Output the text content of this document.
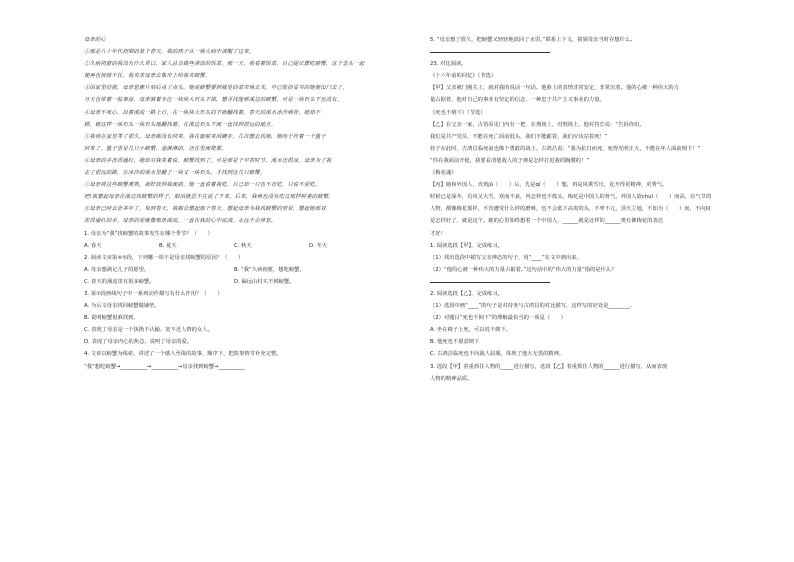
母亲的心
①那是八十年代初期的某个春天，我的孩子从一场大病中清醒了过来。
②久病初愈的我没有什么胃口，家人总会做些清淡的饭菜。那一天，我看着饭菜，自己提议想吃螃蟹，这个念头一起
便再也按捺不住，我央求母亲去集市上给我买螃蟹。
③因家里拮据，母亲思索片刻后点了点头。她说螃蟹要到城里的菜市场去买，早已收拾妥当的她便出门去了。
月天也带着一股寒意，母亲骑着车往一块块大石头下探，想寻找能够溪边的螃蟹，可是一块石头下也没有。
④母亲不死心，沿着溪流一路上行，在一块块大石头的下面翻找着。春天的溪水冰冷刺骨，她却不
顾，就这样一块石头一块石头地翻找着，在溪边石头下面一直找到很远的地方。
⑤我待在家里等了很久，母亲都没有回来。我在窗前来回踱步，几次想去找她，她终于拎着一个篮子
回来了，篮子里是几只小螃蟹，湿淋淋的，还在里面爬着。
⑥母亲的手冻得通红，她却对我笑着说，螃蟹找到了。可是那是个早春时节，溪水还很凉，母亲为了我
走了很远的路，在冰冷的溪水里翻了一块又一块石头，才找到这几只螃蟹。
⑦母亲将这些螃蟹煮熟，剥好放到我面前。她一直看着我吃，自己却一只也不肯吃，只说不爱吃。
吧!我想起母亲在溪边找螃蟹的样子，眼泪就忍不住流了下来。后来，我再也没有吃过那样鲜美的螃蟹。
⑧母亲已经去世多年了，每到春天，我都会想起那个春天，想起母亲为我找螃蟹的情景，想起她那双
冻得通红的手。母亲的爱就像那条溪流，一直在我的心中流淌，永远不会停息。
1. 母亲为“我”找螃蟹的故事发生在哪个季节？（　　）
A. 春天	B. 夏天	C. 秋天	D. 冬天
2. 阅读文章第④⑤段，下列哪一项不是母亲找螃蟹的原因？（　　）
A. 母亲想满足儿子的愿望。	B. “我”久病初愈，想吃螃蟹。
C. 春天的溪流里有很多螃蟹。	D. 偏远山村买不到螃蟹。
3. 第⑦段画线句子中一系列动作描写有什么作用？（　　）
A. 为后文母亲找回螃蟹做铺垫。
B. 说明螃蟹很难找到。
C. 表现了母亲是一个执拗不认输、宽不近人情的女人。
D. 表现了母亲内心的焦急，说明了母亲的爱。
4. 文章以螃蟹为线索，讲述了一个感人至深的故事，顺序下，把故事情节补充完整。
“我”想吃螃蟹→__________→__________→母亲找到螃蟹→__________
5. “母亲想了很久，把螃蟹又轻轻地放回了水里。”联系上下文，猜猜母亲当时在想什么。
23. 对比阅读。
《十六年前的回忆》（节选）
【甲】父亲被门刚关上，就对我的说话一句话。他脸上的表情非常安定，非常沉着。他的心被一种伟大的力
量占据着，他对自己的事业有坚定的信念，一种忠于共产主义事业的力量。
《死也不倒下》（节选）
【乙】在父亲一家，古语看见门内有一把，在刑场上，对刑场上，他对持长说：“告诉你们，
我们是共产党员，不能在死亡面前低头，我们不能跪着，我们应该站着死！”
持子在此时，吉鸿昌临死前也像个勇敢的战士，古鸿昌说：“我为抗日而死，死得光明正大，不能在坏人面前倒下！”
“你在我面前开枪，我要看清楚敌人的子弹是怎样打进我的胸膛的！”
《梅花魂》
【丙】她和外国人，直到jǔ（　　）后，先是qí（　　）想，再是风欺雪压，花开得更精神，更秀气。
时候已是深冬，有风又大雪，寒而不衰，再怎样也不低头，梅花是中国人的骨气，外国人欲chuī（　　）而高，有气节的
人物，都像梅花那样，不管遭受什么样的磨难，也不会低下高贵的头，不卑不亢，顶天立地，不知为（　　）而，不向权
是怎样好了，就是这个。她的心里始终想着一个中国人，______就是这样的______奥有佛梅花的表达
才好！
1. 阅读选段【甲】，完成练习。
（1）找出选段中描写父亲神态的句子，用“____”在文中画出来。
（2）“他的心被一种伟大的力量占据着。”这句话中的“伟大的力量”指的是什么？
2. 阅读选段【乙】，完成练习。
（1）选段中画“____”的句子是对持务与古鸿昌的对比描写，这样写的好处是________。
（2）对题目“死也不倒下”的理解最恰当的一项是（　　）
A. 坐在椅子上死，可以说不倒下。
B. 他死也不愿意倒下
C. 古鸿昌临死也不向敌人屈服，体现了他大无畏的精神。
3. 选段【甲】着重抓住人物的_____进行描写，选段【乙】着重抓住人物的______进行描写，从而表现
人物的精神品质。
